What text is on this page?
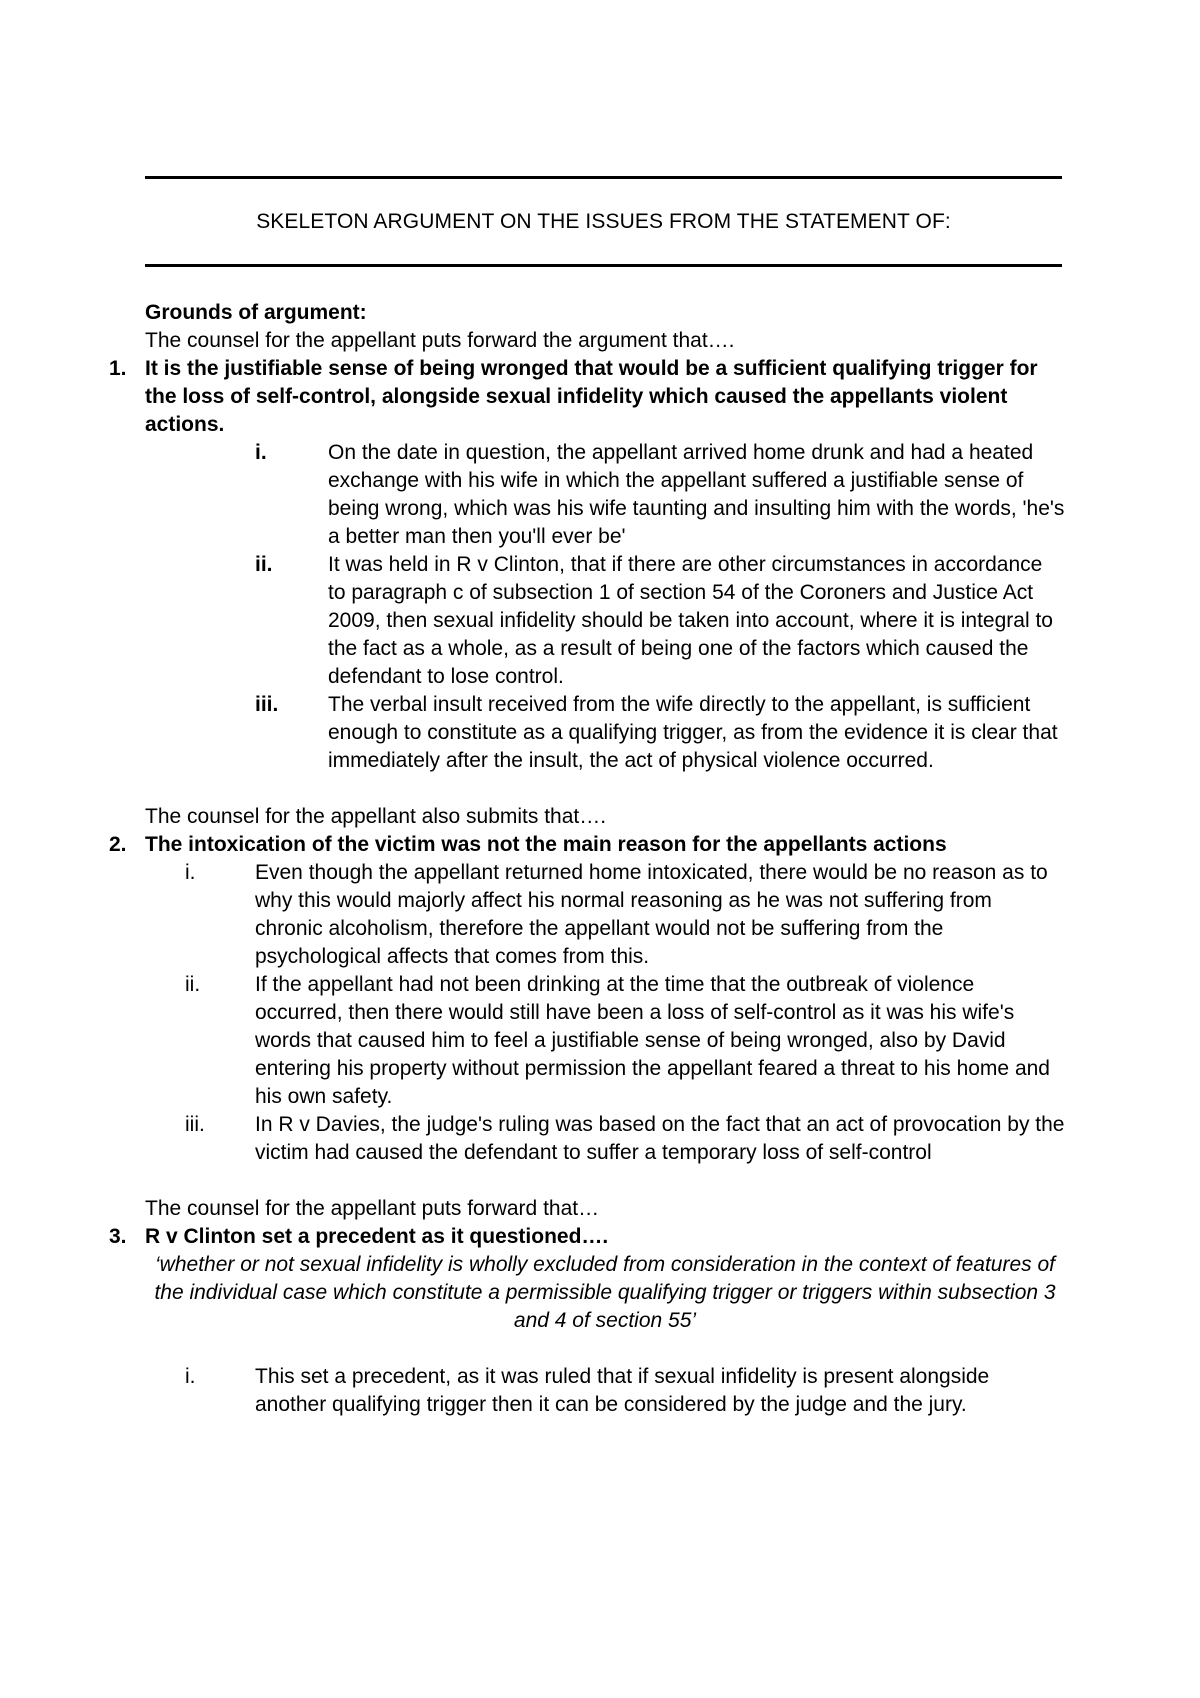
SKELETON ARGUMENT ON THE ISSUES FROM THE STATEMENT OF:

Grounds of argument:

The counsel for the appellant puts forward the argument that….

1. It is the justifiable sense of being wronged that would be a sufficient qualifying trigger for the loss of self-control, alongside sexual infidelity which caused the appellants violent actions.

i.	On the date in question, the appellant arrived home drunk and had a heated exchange with his wife in which the appellant suffered a justifiable sense of being wrong, which was his wife taunting and insulting him with the words, 'he's a better man then you'll ever be'

ii.	It was held in R v Clinton, that if there are other circumstances in accordance to paragraph c of subsection 1 of section 54 of the Coroners and Justice Act 2009, then sexual infidelity should be taken into account, where it is integral to the fact as a whole, as a result of being one of the factors which caused the defendant to lose control.

iii. The verbal insult received from the wife directly to the appellant, is sufficient enough to constitute as a qualifying trigger, as from the evidence it is clear that immediately after the insult, the act of physical violence occurred.

The counsel for the appellant also submits that….

2. The intoxication of the victim was not the main reason for the appellants actions

i.	Even though the appellant returned home intoxicated, there would be no reason as to why this would majorly affect his normal reasoning as he was not suffering from chronic alcoholism, therefore the appellant would not be suffering from the psychological affects that comes from this.

ii.	If the appellant had not been drinking at the time that the outbreak of violence occurred, then there would still have been a loss of self-control as it was his wife's words that caused him to feel a justifiable sense of being wronged, also by David entering his property without permission the appellant feared a threat to his home and his own safety.

iii. In R v Davies, the judge's ruling was based on the fact that an act of provocation by the victim had caused the defendant to suffer a temporary loss of self-control

The counsel for the appellant puts forward that…

3. R v Clinton set a precedent as it questioned….

‘whether or not sexual infidelity is wholly excluded from consideration in the context of features of the individual case which constitute a permissible qualifying trigger or triggers within subsection 3 and 4 of section 55’

i.	This set a precedent, as it was ruled that if sexual infidelity is present alongside another qualifying trigger then it can be considered by the judge and the jury.
